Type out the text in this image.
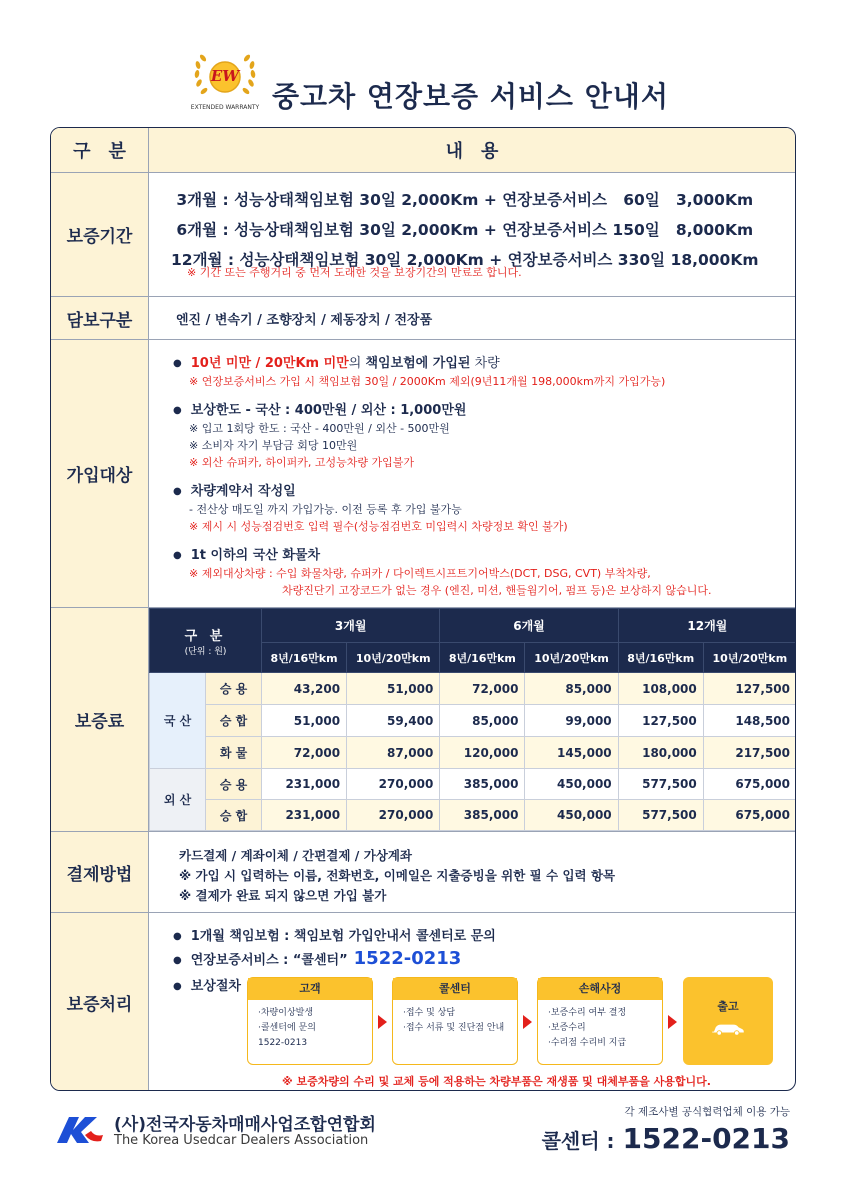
EW
EXTENDED WARRANTY 중고차 연장보증 서비스 안내서
구분	내용
보증기간
3개월 : 성능상태책임보험 30일 2,000Km + 연장보증서비스   60일   3,000Km
6개월 : 성능상태책임보험 30일 2,000Km + 연장보증서비스 150일   8,000Km
12개월 : 성능상태책임보험 30일 2,000Km + 연장보증서비스 330일 18,000Km
※ 기간 또는 주행거리 중 먼저 도래한 것을 보장기간의 만료로 합니다.
담보구분	엔진 / 변속기 / 조향장치 / 제동장치 / 전장품
가입대상
● 10년 미만 / 20만Km 미만의 책임보험에 가입된 차량
※ 연장보증서비스 가입 시 책임보험 30일 / 2000Km 제외(9년11개월 198,000km까지 가입가능)
● 보상한도 - 국산 : 400만원 / 외산 : 1,000만원
※ 입고 1회당 한도 : 국산 - 400만원 / 외산 - 500만원
※ 소비자 자기 부담금 회당 10만원
※ 외산 슈퍼카, 하이퍼카, 고성능차량 가입불가
● 차량계약서 작성일
- 전산상 매도일 까지 가입가능. 이전 등록 후 가입 불가능
※ 제시 시 성능점검번호 입력 필수(성능점검번호 미입력시 차량정보 확인 불가)
● 1t 이하의 국산 화물차
※ 제외대상차량 : 수입 화물차량, 슈퍼카 / 다이렉트시프트기어박스(DCT, DSG, CVT) 부착차량,
차량진단기 고장코드가 없는 경우 (엔진, 미션, 핸들웜기어, 펌프 등)은 보상하지 않습니다.
보증료
구 분
(단위 : 원)		3개월		6개월		12개월	
		8년/16만km	10년/20만km	8년/16만km	10년/20만km	8년/16만km	10년/20만km
국 산	승 용	43,200	51,000	72,000	85,000	108,000	127,500
	승 합	51,000	59,400	85,000	99,000	127,500	148,500
	화 물	72,000	87,000	120,000	145,000	180,000	217,500
외 산	승 용	231,000	270,000	385,000	450,000	577,500	675,000
	승 합	231,000	270,000	385,000	450,000	577,500	675,000
결제방법
카드결제 / 계좌이체 / 간편결제 / 가상계좌
※ 가입 시 입력하는 이름, 전화번호, 이메일은 지출증빙을 위한 필 수 입력 항목
※ 결제가 완료 되지 않으면 가입 불가
보증처리
● 1개월 책임보험 : 책임보험 가입안내서 콜센터로 문의
● 연장보증서비스 : “콜센터” 1522-0213
● 보상절차	고객
·차량이상발생
·콜센터에 문의
1522-0213
콜센터
·접수 및 상담
·접수 서류 및 진단점 안내
손해사정
·보증수리 여부 결정
·보증수리
·수리점 수리비 지급
출고
※ 보증차량의 수리 및 교체 등에 적용하는 차량부품은 재생품 및 대체부품을 사용합니다.
(사)전국자동차매매사업조합연합회
The Korea Usedcar Dealers Association
각 제조사별 공식협력업체 이용 가능
콜센터 : 1522-0213
